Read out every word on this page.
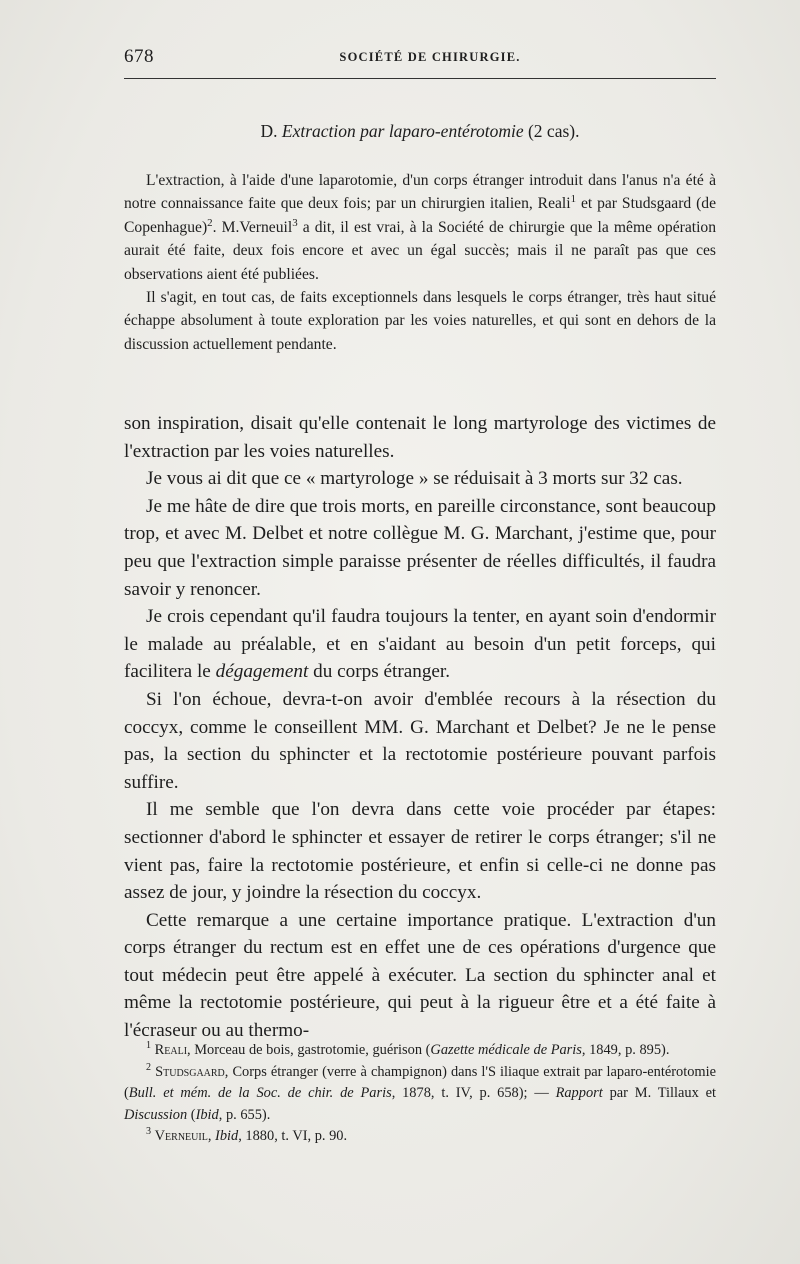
678	SOCIÉTÉ DE CHIRURGIE.
D. Extraction par laparo-entérotomie (2 cas).

L'extraction, à l'aide d'une laparotomie, d'un corps étranger introduit dans l'anus n'a été à notre connaissance faite que deux fois; par un chirurgien italien, Reali$^1$ et par Studsgaard (de Copenhague)$^2$. M.Verneuil$^3$ a dit, il est vrai, à la Société de chirurgie que la même opération aurait été faite, deux fois encore et avec un égal succès; mais il ne paraît pas que ces observations aient été publiées.

Il s'agit, en tout cas, de faits exceptionnels dans lesquels le corps étranger, très haut situé échappe absolument à toute exploration par les voies naturelles, et qui sont en dehors de la discussion actuellement pendante.

son inspiration, disait qu'elle contenait le long martyrologe des victimes de l'extraction par les voies naturelles.

Je vous ai dit que ce « martyrologe » se réduisait à 3 morts sur 32 cas.

Je me hâte de dire que trois morts, en pareille circonstance, sont beaucoup trop, et avec M. Delbet et notre collègue M. G. Marchant, j'estime que, pour peu que l'extraction simple paraisse présenter de réelles difficultés, il faudra savoir y renoncer.

Je crois cependant qu'il faudra toujours la tenter, en ayant soin d'endormir le malade au préalable, et en s'aidant au besoin d'un petit forceps, qui facilitera le dégagement du corps étranger.

Si l'on échoue, devra-t-on avoir d'emblée recours à la résection du coccyx, comme le conseillent MM. G. Marchant et Delbet? Je ne le pense pas, la section du sphincter et la rectotomie postérieure pouvant parfois suffire.

Il me semble que l'on devra dans cette voie procéder par étapes: sectionner d'abord le sphincter et essayer de retirer le corps étranger; s'il ne vient pas, faire la rectotomie postérieure, et enfin si celle-ci ne donne pas assez de jour, y joindre la résection du coccyx.

Cette remarque a une certaine importance pratique. L'extraction d'un corps étranger du rectum est en effet une de ces opérations d'urgence que tout médecin peut être appelé à exécuter. La section du sphincter anal et même la rectotomie postérieure, qui peut à la rigueur être et a été faite à l'écraseur ou au thermo-

$^1$ Reali, Morceau de bois, gastrotomie, guérison (Gazette médicale de Paris, 1849, p. 895).

$^2$ Studsgaard, Corps étranger (verre à champignon) dans l'S iliaque extrait par laparo-entérotomie (Bull. et mém. de la Soc. de chir. de Paris, 1878, t. IV, p. 658); — Rapport par M. Tillaux et Discussion (Ibid, p. 655).

$^3$ Verneuil, Ibid, 1880, t. VI, p. 90.
